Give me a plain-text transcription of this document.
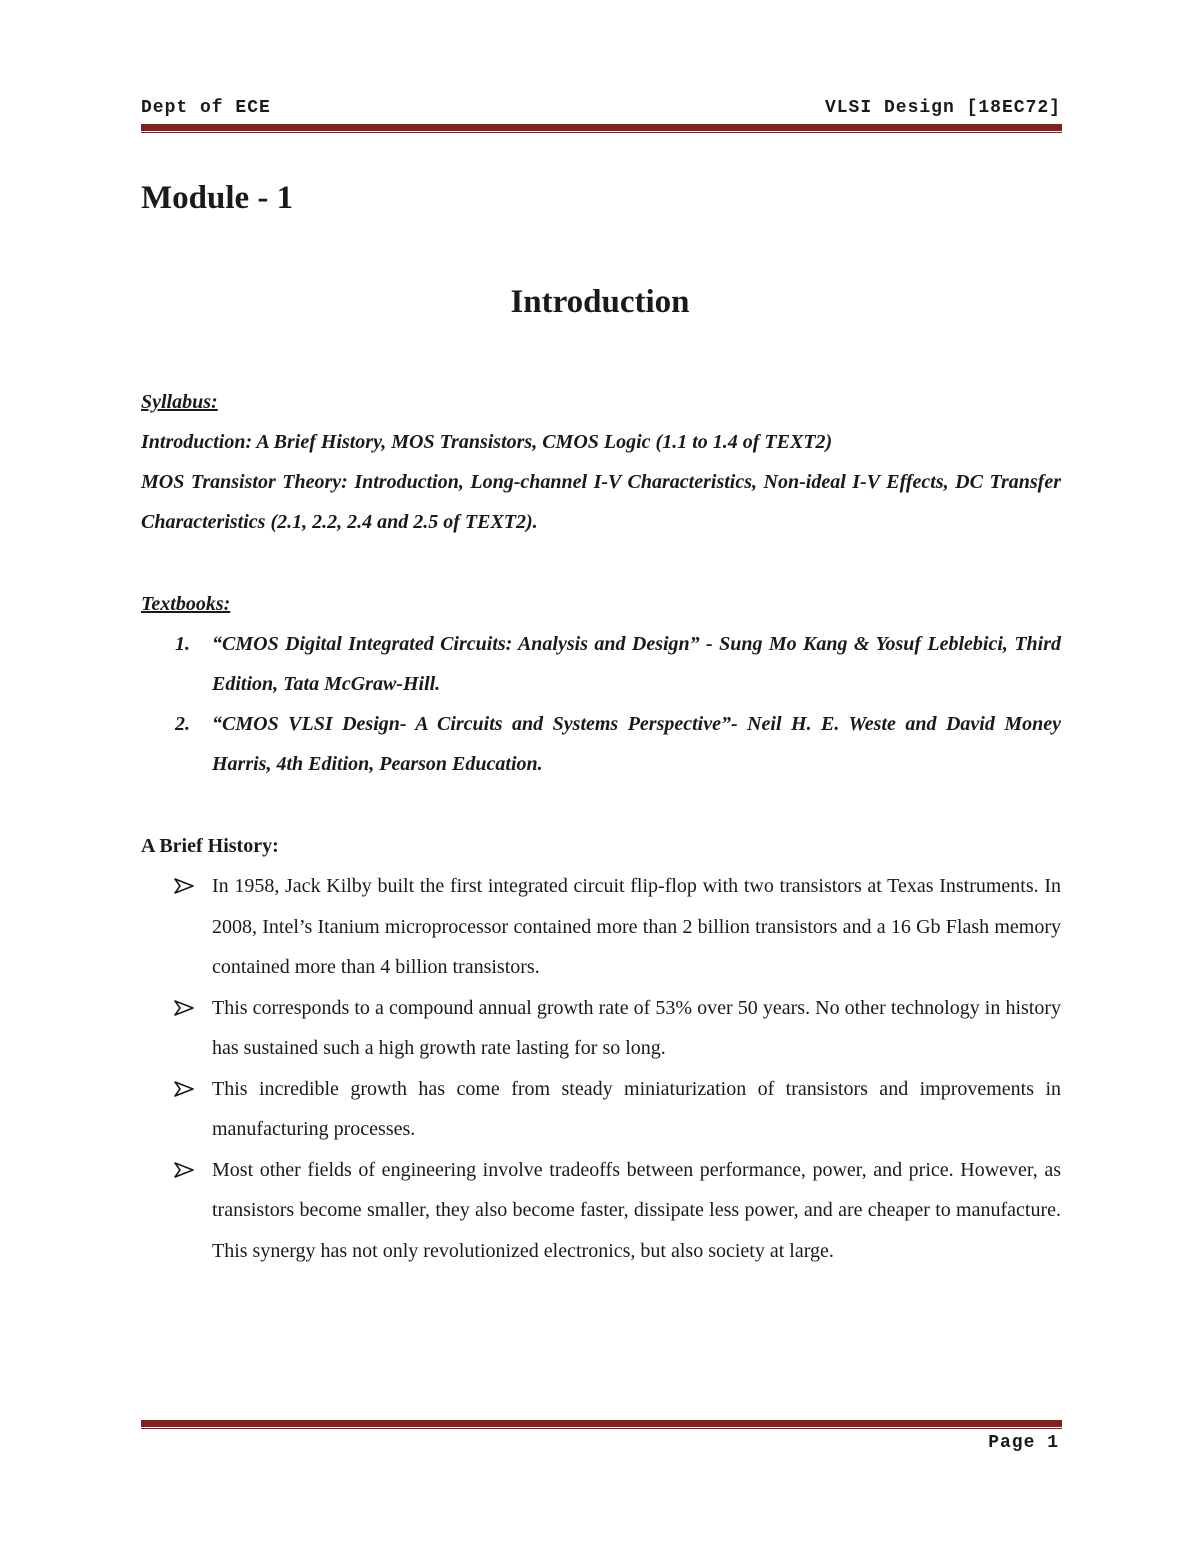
Dept of ECE	VLSI Design [18EC72]
Module - 1
Introduction

Syllabus:

Introduction: A Brief History, MOS Transistors, CMOS Logic (1.1 to 1.4 of TEXT2)

MOS Transistor Theory: Introduction, Long-channel I-V Characteristics, Non-ideal I-V Effects, DC Transfer Characteristics (2.1, 2.2, 2.4 and 2.5 of TEXT2).

Textbooks:

1. “CMOS Digital Integrated Circuits: Analysis and Design” - Sung Mo Kang & Yosuf Leblebici, Third Edition, Tata McGraw-Hill.
2. “CMOS VLSI Design- A Circuits and Systems Perspective”- Neil H. E. Weste and David Money Harris, 4th Edition, Pearson Education.
A Brief History:
In 1958, Jack Kilby built the first integrated circuit flip-flop with two transistors at Texas Instruments. In 2008, Intel’s Itanium microprocessor contained more than 2 billion transistors and a 16 Gb Flash memory contained more than 4 billion transistors.
This corresponds to a compound annual growth rate of 53% over 50 years. No other technology in history has sustained such a high growth rate lasting for so long.
This incredible growth has come from steady miniaturization of transistors and improvements in manufacturing processes.
Most other fields of engineering involve tradeoffs between performance, power, and price. However, as transistors become smaller, they also become faster, dissipate less power, and are cheaper to manufacture. This synergy has not only revolutionized electronics, but also society at large.
Page 1
